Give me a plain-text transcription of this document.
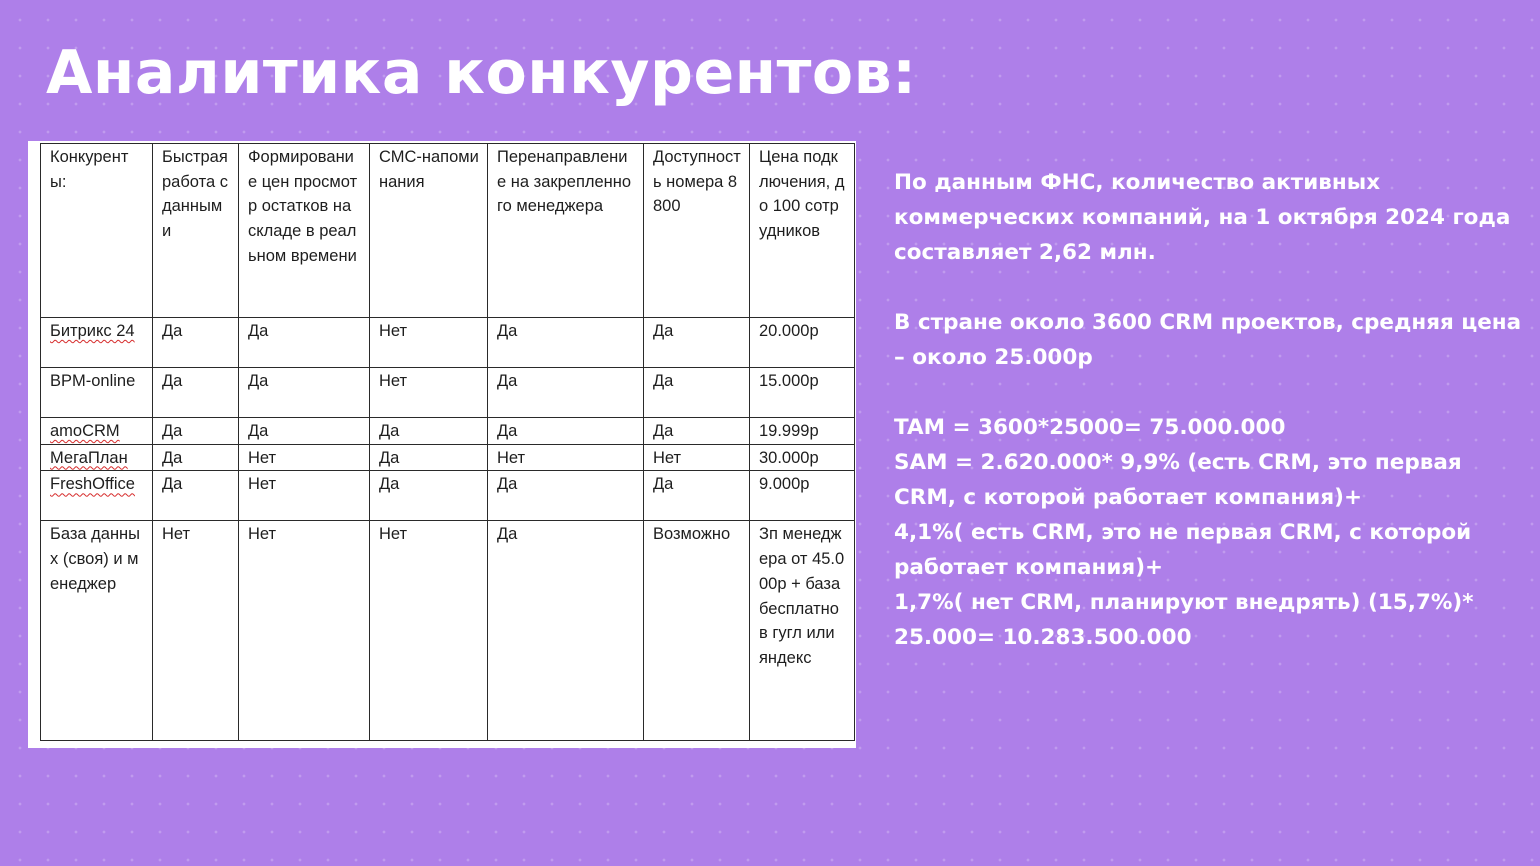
Аналитика конкурентов:
Конкуренты:	Быстрая работа с данными	Формирование цен просмотр остатков на складе в реальном времени	СМС-напоминания	Перенаправление на закрепленного менеджера	Доступность номера 8800	Цена подключения, до 100 сотрудников
Битрикс 24	Да	Да	Нет	Да	Да	20.000р
BPM-online	Да	Да	Нет	Да	Да	15.000р
amoCRM	Да	Да	Да	Да	Да	19.999р
МегаПлан	Да	Нет	Да	Нет	Нет	30.000р
FreshOffice	Да	Нет	Да	Да	Да	9.000р
База данных (своя) и менеджер	Нет	Нет	Нет	Да	Возможно	Зп менеджера от 45.000р + база бесплатно в гугл или яндекс

По данным ФНС, количество активных коммерческих компаний, на 1 октября 2024 года составляет 2,62 млн.

В стране около 3600 CRM проектов, средняя цена – около 25.000р

TAM = 3600*25000= 75.000.000
SAM = 2.620.000* 9,9% (есть CRM, это первая CRM, с которой работает компания)+
4,1%( есть CRM, это не первая CRM, с которой работает компания)+
1,7%( нет CRM, планируют внедрять) (15,7%)* 25.000= 10.283.500.000
